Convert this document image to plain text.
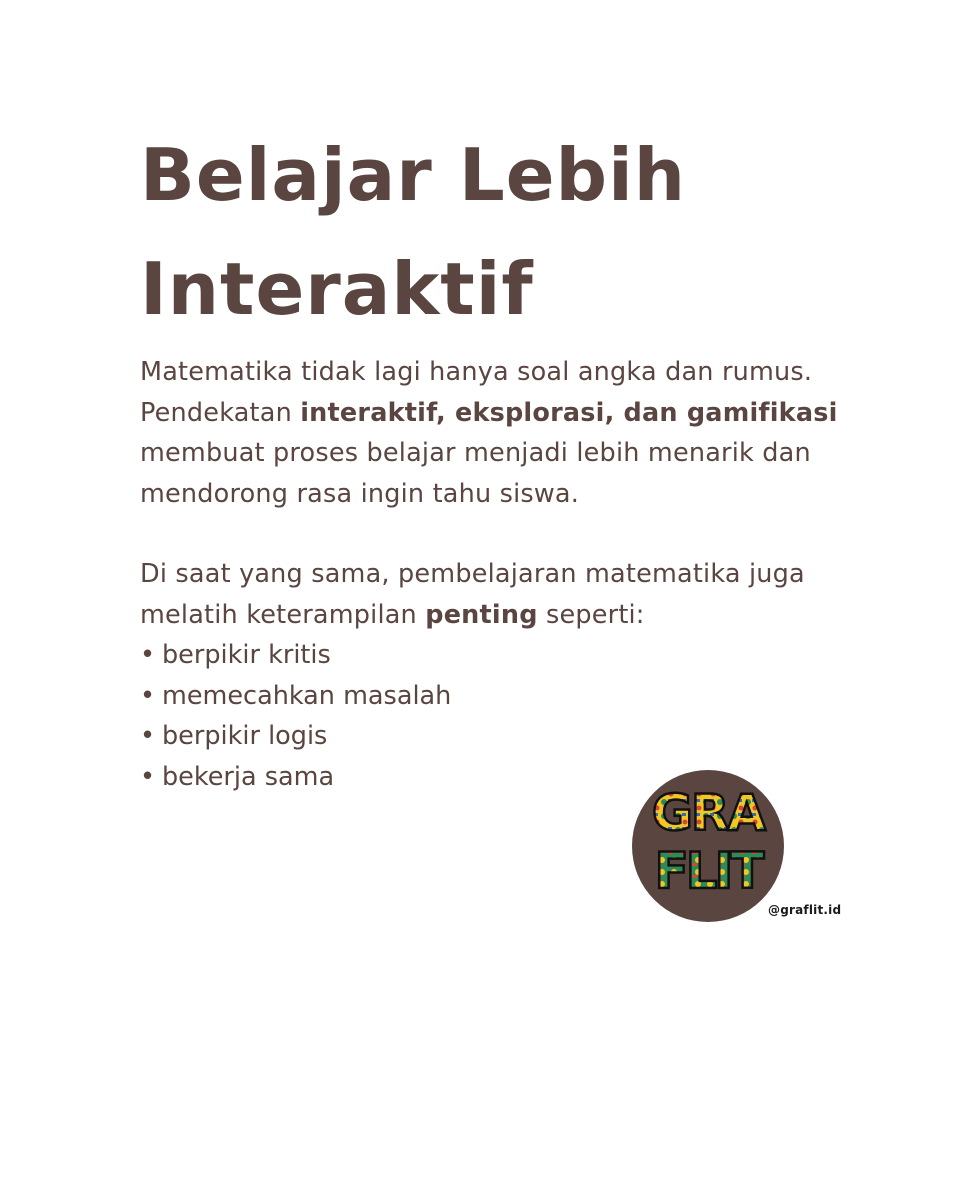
Belajar Lebih
Interaktif

Matematika tidak lagi hanya soal angka dan rumus.
Pendekatan interaktif, eksplorasi, dan gamifikasi
membuat proses belajar menjadi lebih menarik dan
mendorong rasa ingin tahu siswa.

Di saat yang sama, pembelajaran matematika juga
melatih keterampilan penting seperti:

• berpikir kritis
• memecahkan masalah
• berpikir logis
• bekerja sama
GRA
FLIT
@graflit.id
